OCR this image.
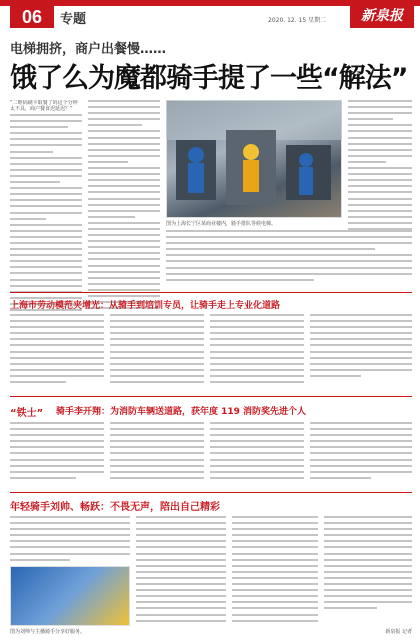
06	专题	2020. 12. 15 星期二	新泉报
电梯拥挤，商户出餐慢……
饿了么为魔都骑手提了一些“解法”
“二维码刷卡取餐了吗这个分钟太不具，商户餐食迟延迟？”
图为上海长宁区某商业楼内，骑手排队等候电梯。
上海市劳动模范夹增光：从骑手到培训专员，让骑手走上专业化道路
“铁士” 骑手李开翔：为消防车辆送道路，获年度 119 消防奖先进个人
年轻骑手刘帅、畅跃：不畏无声，陪出自己精彩
图为刘帅与主播骑手分享好服务。	新泉报 记者
